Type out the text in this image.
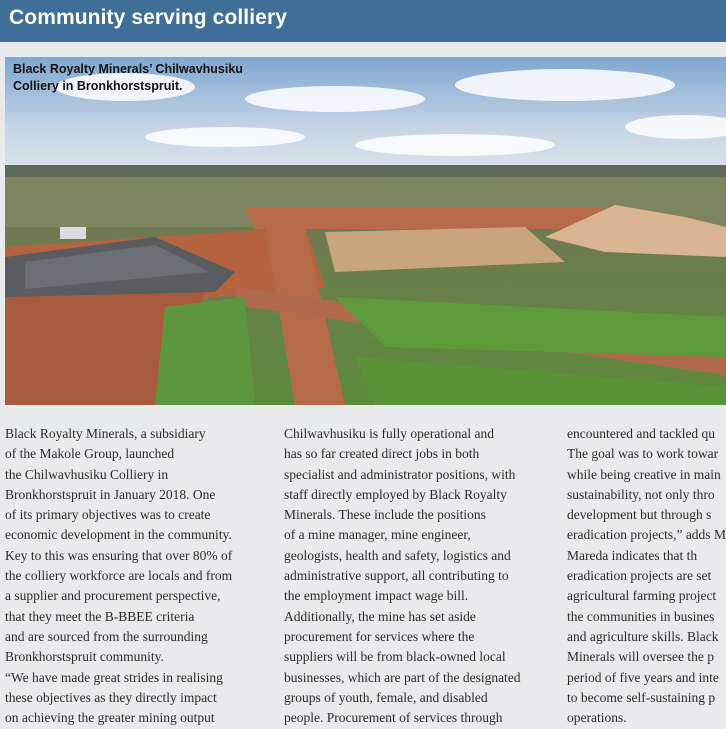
Community serving colliery
Black Royalty Minerals’ Chilwavhusiku
Colliery in Bronkhorstspruit.
Black Royalty Minerals, a subsidiary
of the Makole Group, launched
the Chilwavhusiku Colliery in
Bronkhorstspruit in January 2018. One
of its primary objectives was to create
economic development in the community.
Key to this was ensuring that over 80% of
the colliery workforce are locals and from
a supplier and procurement perspective,
that they meet the B-BBEE criteria
and are sourced from the surrounding
Bronkhorstspruit community.
“We have made great strides in realising
these objectives as they directly impact
on achieving the greater mining output
Chilwavhusiku is fully operational and
has so far created direct jobs in both
specialist and administrator positions, with
staff directly employed by Black Royalty
Minerals. These include the positions
of a mine manager, mine engineer,
geologists, health and safety, logistics and
administrative support, all contributing to
the employment impact wage bill.
Additionally, the mine has set aside
procurement for services where the
suppliers will be from black-owned local
businesses, which are part of the designated
groups of youth, female, and disabled
people. Procurement of services through
encountered and tackled qu
The goal was to work towar
while being creative in main
sustainability, not only thro
development but through s
eradication projects,” adds M
Mareda indicates that th
eradication projects are set
agricultural farming project
the communities in busines
and agriculture skills. Black
Minerals will oversee the p
period of five years and inte
to become self-sustaining p
operations.
